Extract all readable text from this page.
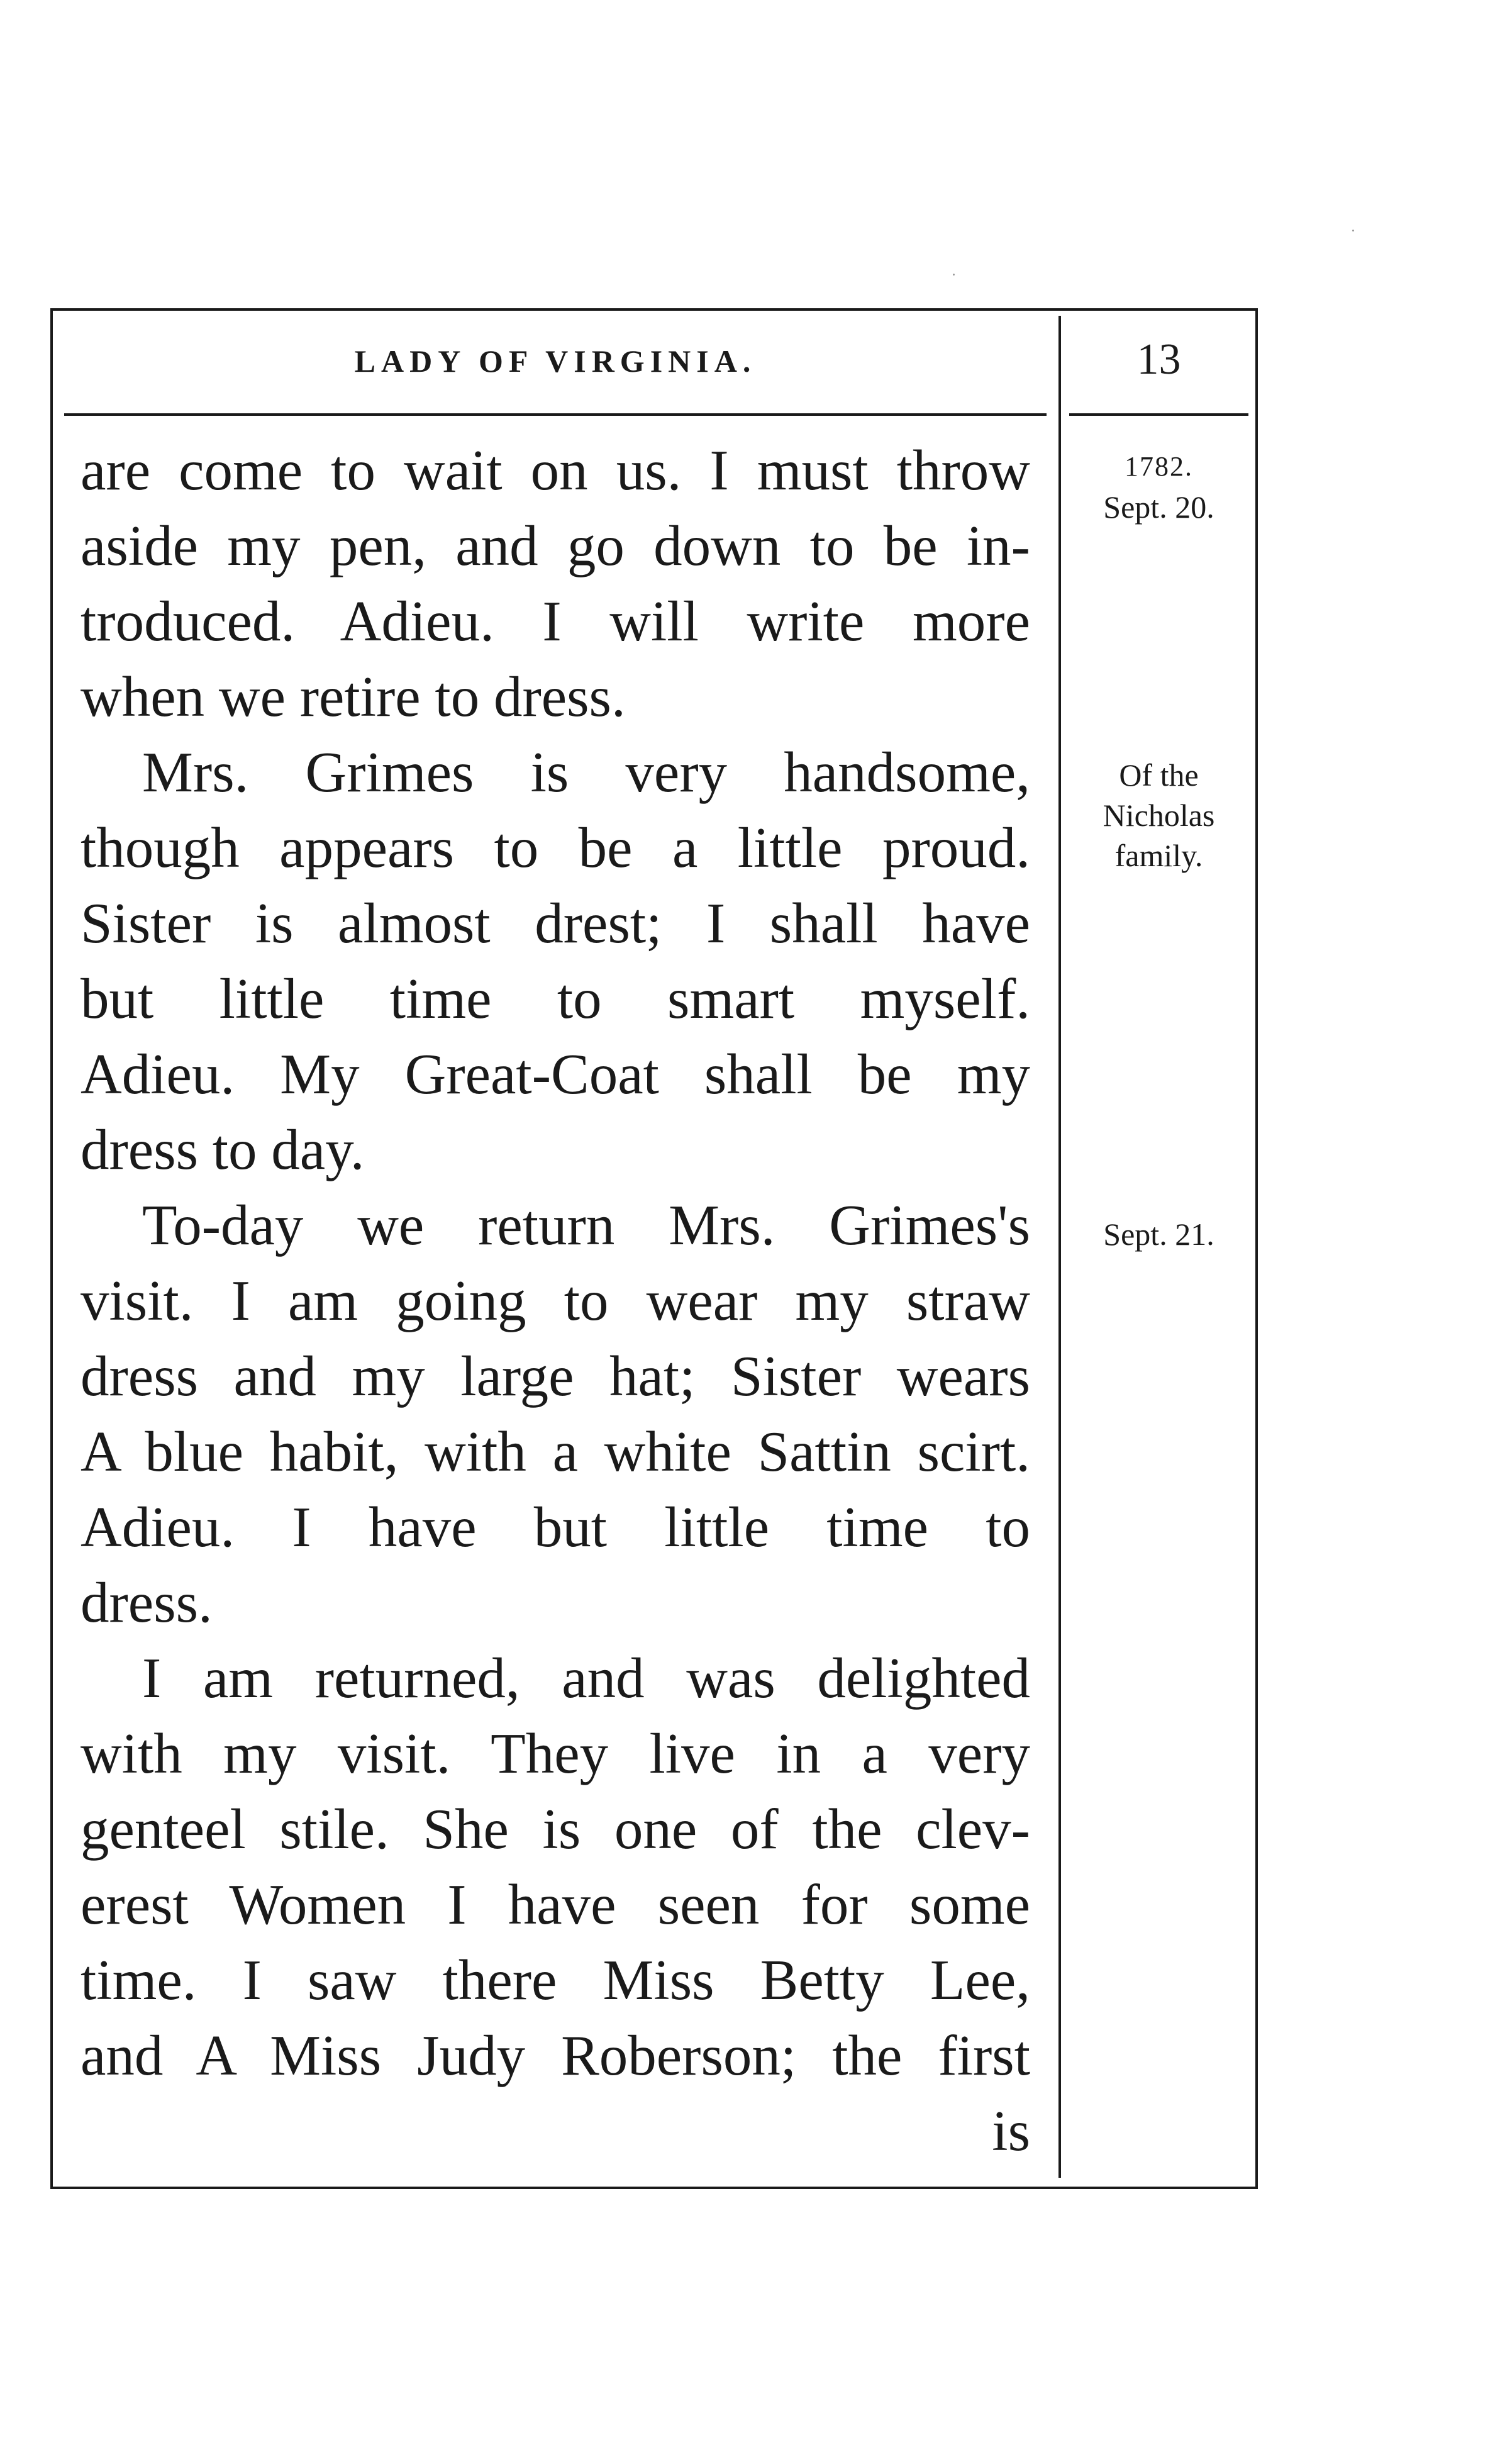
LADY OF VIRGINIA.	13

are come to wait on us. I must throw

aside my pen, and go down to be in-

troduced. Adieu. I will write more

when we retire to dress.

Mrs. Grimes is very handsome,

though appears to be a little proud.

Sister is almost drest; I shall have

but little time to smart myself.

Adieu. My Great-Coat shall be my

dress to day.

To-day we return Mrs. Grimes's

visit. I am going to wear my straw

dress and my large hat; Sister wears

A blue habit, with a white Sattin scirt.

Adieu. I have but little time to

dress.

I am returned, and was delighted

with my visit. They live in a very

genteel stile. She is one of the clev-

erest Women I have seen for some

time. I saw there Miss Betty Lee,

and A Miss Judy Roberson; the first

is

1782.
Sept. 20.
Of the
Nicholas
family.
Sept. 21.
